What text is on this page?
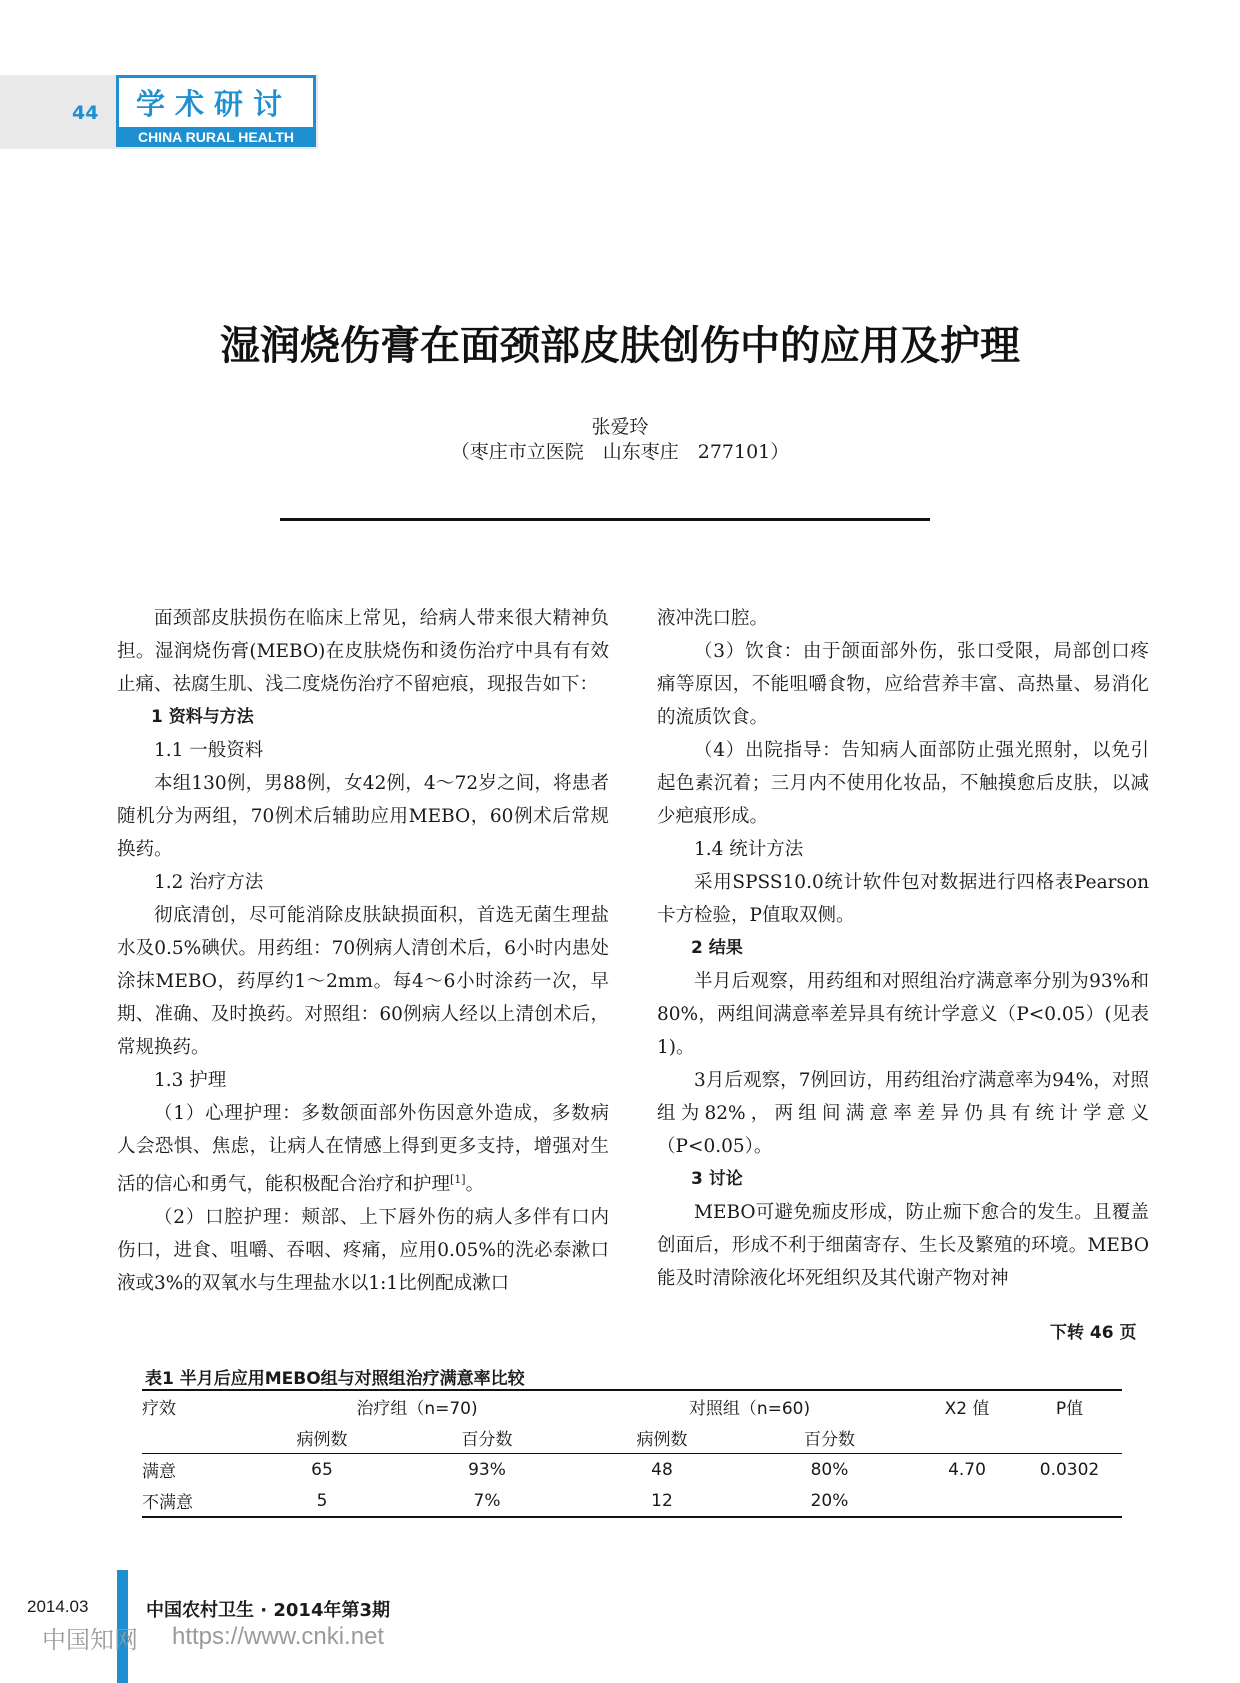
44 学术研讨
CHINA RURAL HEALTH
湿润烧伤膏在面颈部皮肤创伤中的应用及护理
张爱玲
（枣庄市立医院　山东枣庄　277101）

面颈部皮肤损伤在临床上常见，给病人带来很大精神负担。湿润烧伤膏(MEBO)在皮肤烧伤和烫伤治疗中具有有效止痛、祛腐生肌、浅二度烧伤治疗不留疤痕，现报告如下：

1 资料与方法

1.1 一般资料

本组130例，男88例，女42例，4～72岁之间，将患者随机分为两组，70例术后辅助应用MEBO，60例术后常规换药。

1.2 治疗方法

彻底清创，尽可能消除皮肤缺损面积，首选无菌生理盐水及0.5%碘伏。用药组：70例病人清创术后，6小时内患处涂抹MEBO，药厚约1～2mm。每4～6小时涂药一次，早期、准确、及时换药。对照组：60例病人经以上清创术后，常规换药。

1.3 护理

（1）心理护理：多数颌面部外伤因意外造成，多数病人会恐惧、焦虑，让病人在情感上得到更多支持，增强对生活的信心和勇气，能积极配合治疗和护理[1]。

（2）口腔护理：颊部、上下唇外伤的病人多伴有口内伤口，进食、咀嚼、吞咽、疼痛，应用0.05%的洗必泰漱口液或3%的双氧水与生理盐水以1:1比例配成漱口

液冲洗口腔。

（3）饮食：由于颌面部外伤，张口受限，局部创口疼痛等原因，不能咀嚼食物，应给营养丰富、高热量、易消化的流质饮食。

（4）出院指导：告知病人面部防止强光照射，以免引起色素沉着；三月内不使用化妆品，不触摸愈后皮肤，以减少疤痕形成。

1.4 统计方法

采用SPSS10.0统计软件包对数据进行四格表Pearson卡方检验，P值取双侧。

2 结果

半月后观察，用药组和对照组治疗满意率分别为93%和80%，两组间满意率差异具有统计学意义（P<0.05）(见表1)。

3月后观察，7例回访，用药组治疗满意率为94%，对照组为82%，两组间满意率差异仍具有统计学意义（P<0.05）。

3 讨论

MEBO可避免痂皮形成，防止痂下愈合的发生。且覆盖创面后，形成不利于细菌寄存、生长及繁殖的环境。MEBO能及时清除液化坏死组织及其代谢产物对神

下转 46 页
表1 半月后应用MEBO组与对照组治疗满意率比较
疗效	治疗组（n=70)		对照组（n=60)		X2 值	P值
	病例数	百分数	病例数	百分数		
满意	65	93%	48	80%	4.70	0.0302
不满意	5	7%	12	20%		
2014.03	中国农村卫生 · 2014年第3期
中国知网 https://www.cnki.net
